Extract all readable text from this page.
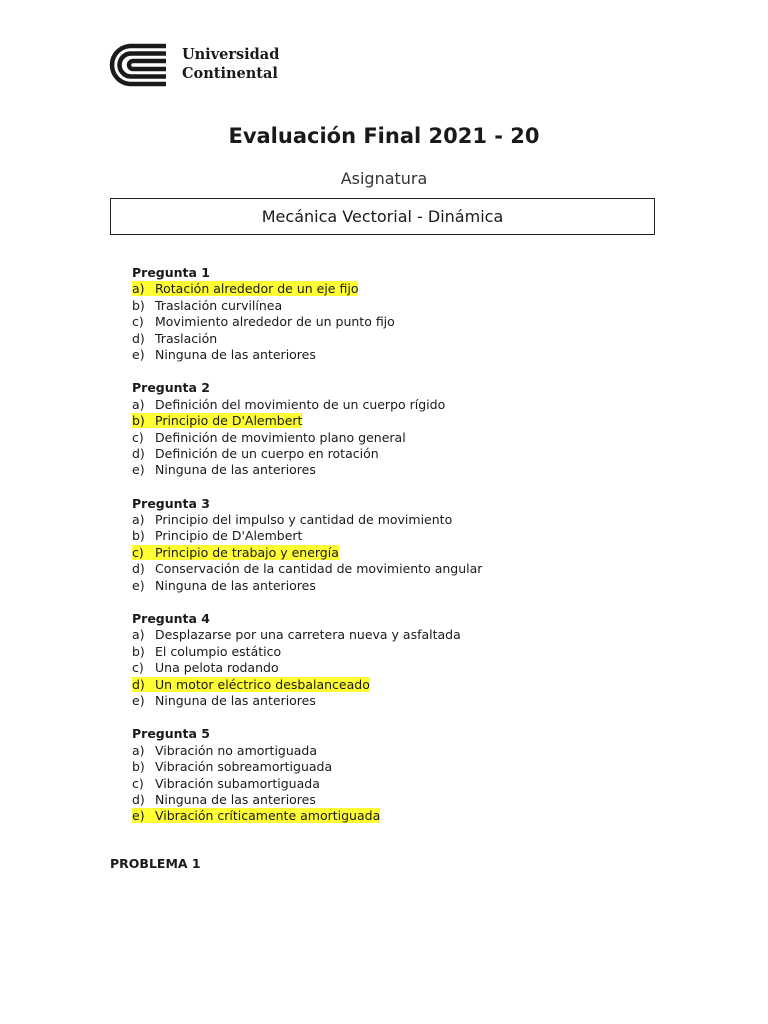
Universidad
Continental
Evaluación Final 2021 - 20
Asignatura
Mecánica Vectorial - Dinámica
Pregunta 1
a) Rotación alrededor de un eje fijo
b) Traslación curvilínea
c) Movimiento alrededor de un punto fijo
d) Traslación
e) Ninguna de las anteriores
Pregunta 2
a) Definición del movimiento de un cuerpo rígido
b) Principio de D'Alembert
c) Definición de movimiento plano general
d) Definición de un cuerpo en rotación
e) Ninguna de las anteriores
Pregunta 3
a) Principio del impulso y cantidad de movimiento
b) Principio de D'Alembert
c) Principio de trabajo y energía
d) Conservación de la cantidad de movimiento angular
e) Ninguna de las anteriores
Pregunta 4
a) Desplazarse por una carretera nueva y asfaltada
b) El columpio estático
c) Una pelota rodando
d) Un motor eléctrico desbalanceado
e) Ninguna de las anteriores
Pregunta 5
a) Vibración no amortiguada
b) Vibración sobreamortiguada
c) Vibración subamortiguada
d) Ninguna de las anteriores
e) Vibración críticamente amortiguada
PROBLEMA 1
